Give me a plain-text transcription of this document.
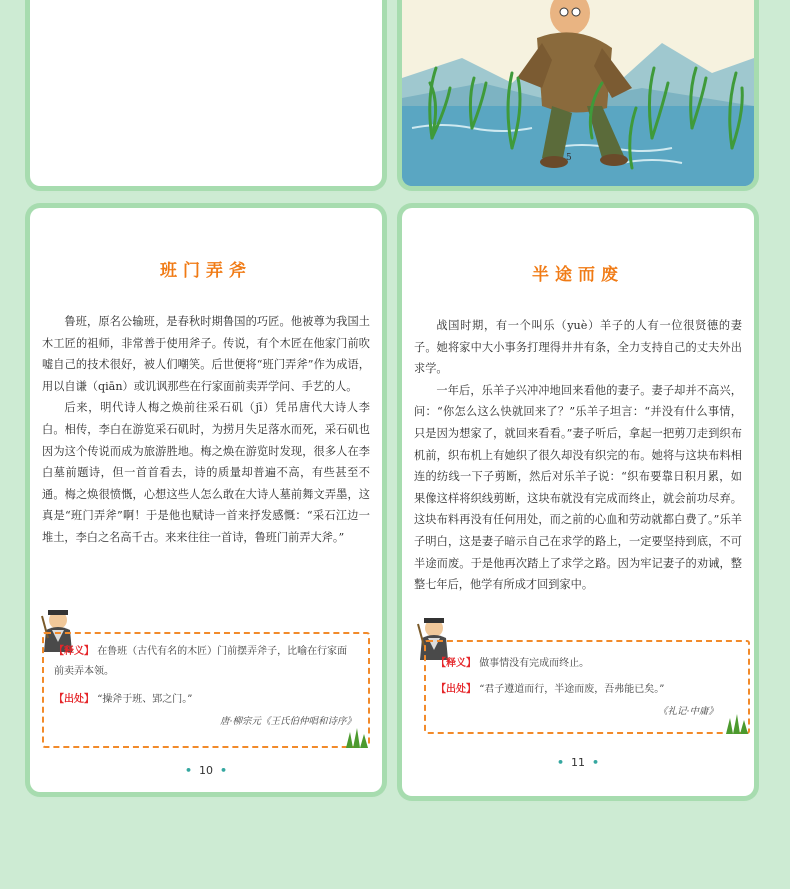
5
班门弄斧

鲁班，原名公输班，是春秋时期鲁国的巧匠。他被尊为我国土木工匠的祖师，非常善于使用斧子。传说，有个木匠在他家门前吹嘘自己的技术很好，被人们嘲笑。后世便将“班门弄斧”作为成语，用以自谦（qiān）或讥讽那些在行家面前卖弄学问、手艺的人。

后来，明代诗人梅之焕前往采石矶（jī）凭吊唐代大诗人李白。相传，李白在游览采石矶时，为捞月失足落水而死，采石矶也因为这个传说而成为旅游胜地。梅之焕在游览时发现，很多人在李白墓前题诗，但一首首看去，诗的质量却普遍不高，有些甚至不通。梅之焕很愤慨，心想这些人怎么敢在大诗人墓前舞文弄墨，这真是“班门弄斧”啊！于是他也赋诗一首来抒发感慨：“采石江边一堆土，李白之名高千古。来来往往一首诗，鲁班门前弄大斧。”

【释义】 在鲁班（古代有名的木匠）门前摆弄斧子，比喻在行家面前卖弄本领。
【出处】 “操斧于班、郢之门。”
唐·柳宗元《王氏伯仲唱和诗序》
• 10 •
半途而废

战国时期，有一个叫乐（yuè）羊子的人有一位很贤德的妻子。她将家中大小事务打理得井井有条，全力支持自己的丈夫外出求学。

一年后，乐羊子兴冲冲地回来看他的妻子。妻子却并不高兴，问：“你怎么这么快就回来了？”乐羊子坦言：“并没有什么事情，只是因为想家了，就回来看看。”妻子听后，拿起一把剪刀走到织布机前，织布机上有她织了很久却没有织完的布。她将与这块布料相连的纺线一下子剪断，然后对乐羊子说：“织布要靠日积月累，如果像这样将织线剪断，这块布就没有完成而终止，就会前功尽弃。这块布料再没有任何用处，而之前的心血和劳动就都白费了。”乐羊子明白，这是妻子暗示自己在求学的路上，一定要坚持到底，不可半途而废。于是他再次踏上了求学之路。因为牢记妻子的劝诫，整整七年后，他学有所成才回到家中。

【释义】 做事情没有完成而终止。
【出处】 “君子遵道而行，半途而废，吾弗能已矣。”
《礼记·中庸》
• 11 •
